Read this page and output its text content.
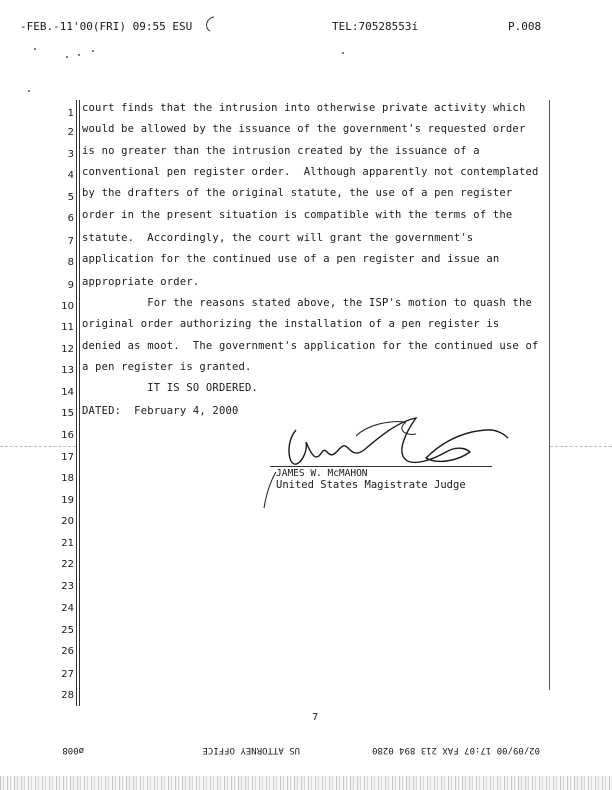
-FEB.-11'00(FRI) 09:55 ESU	TEL:70528553í	P.008
1
2
3
4
5
6
7
8
9
10
11
12
13
14
15
16
17
18
19
20
21
22
23
24
25
26
27
28
court finds that the intrusion into otherwise private activity which
would be allowed by the issuance of the government's requested order
is no greater than the intrusion created by the issuance of a
conventional pen register order.  Although apparently not contemplated
by the drafters of the original statute, the use of a pen register
order in the present situation is compatible with the terms of the
statute.  Accordingly, the court will grant the government's
application for the continued use of a pen register and issue an
appropriate order.
For the reasons stated above, the ISP's motion to quash the
original order authorizing the installation of a pen register is
denied as moot.  The government's application for the continued use of
a pen register is granted.
IT IS SO ORDERED.
DATED:  February 4, 2000
JAMES W. McMAHON
United States Magistrate Judge
7
02/09/00 17:07 FAX 213 894 0280
US ATTORNEY OFFICE
ø008
